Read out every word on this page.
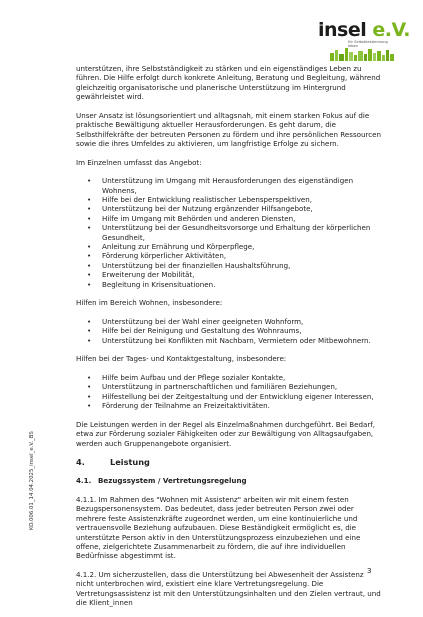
insel e.V.
für Selbstbestimmung
leben

unterstützen, ihre Selbstständigkeit zu stärken und ein eigenständiges Leben zu führen. Die Hilfe erfolgt durch konkrete Anleitung, Beratung und Begleitung, während gleichzeitig organisatorische und planerische Unterstützung im Hintergrund gewährleistet wird.

Unser Ansatz ist lösungsorientiert und alltagsnah, mit einem starken Fokus auf die praktische Bewältigung aktueller Herausforderungen. Es geht darum, die Selbsthilfekräfte der betreuten Personen zu fördern und ihre persönlichen Ressourcen sowie die ihres Umfeldes zu aktivieren, um langfristige Erfolge zu sichern.

Im Einzelnen umfasst das Angebot:

• Unterstützung im Umgang mit Herausforderungen des eigenständigen Wohnens,
• Hilfe bei der Entwicklung realistischer Lebensperspektiven,
• Unterstützung bei der Nutzung ergänzender Hilfsangebote,
• Hilfe im Umgang mit Behörden und anderen Diensten,
• Unterstützung bei der Gesundheitsvorsorge und Erhaltung der körperlichen Gesundheit,
• Anleitung zur Ernährung und Körperpflege,
• Förderung körperlicher Aktivitäten,
• Unterstützung bei der finanziellen Haushaltsführung,
• Erweiterung der Mobilität,
• Begleitung in Krisensituationen.

Hilfen im Bereich Wohnen, insbesondere:

• Unterstützung bei der Wahl einer geeigneten Wohnform,
• Hilfe bei der Reinigung und Gestaltung des Wohnraums,
• Unterstützung bei Konflikten mit Nachbarn, Vermietern oder Mitbewohnern.

Hilfen bei der Tages- und Kontaktgestaltung, insbesondere:

• Hilfe beim Aufbau und der Pflege sozialer Kontakte,
• Unterstützung in partnerschaftlichen und familiären Beziehungen,
• Hilfestellung bei der Zeitgestaltung und der Entwicklung eigener Interessen,
• Förderung der Teilnahme an Freizeitaktivitäten.

Die Leistungen werden in der Regel als Einzelmaßnahmen durchgeführt. Bei Bedarf, etwa zur Förderung sozialer Fähigkeiten oder zur Bewältigung von Alltagsaufgaben, werden auch Gruppenangebote organisiert.

4.	Leistung
4.1. Bezugssystem / Vertretungsregelung

4.1.1. Im Rahmen des "Wohnen mit Assistenz" arbeiten wir mit einem festen Bezugspersonensystem. Das bedeutet, dass jeder betreuten Person zwei oder mehrere feste Assistenzkräfte zugeordnet werden, um eine kontinuierliche und vertrauensvolle Beziehung aufzubauen. Diese Beständigkeit ermöglicht es, die unterstützte Person aktiv in den Unterstützungsprozess einzubeziehen und eine offene, zielgerichtete Zusammenarbeit zu fördern, die auf ihre individuellen Bedürfnisse abgestimmt ist.

4.1.2. Um sicherzustellen, dass die Unterstützung bei Abwesenheit der Assistenz nicht unterbrochen wird, existiert eine klare Vertretungsregelung. Die Vertretungsassistenz ist mit den Unterstützungsinhalten und den Zielen vertraut, und die Klient_innen

KO.006.01_14.04.2025_insel_e.V._BS
3
